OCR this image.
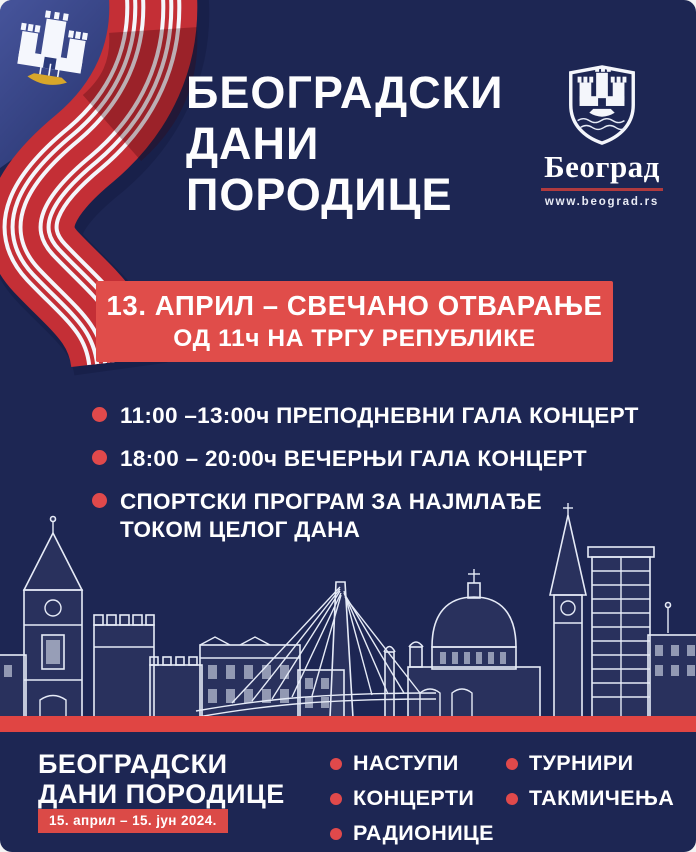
БЕОГРАДСКИ
ДАНИ
ПОРОДИЦЕ
Београд
www.beograd.rs
13. АПРИЛ – СВЕЧАНО ОТВАРАЊЕ
ОД 11ч НА ТРГУ РЕПУБЛИКЕ
11:00 –13:00ч ПРЕПОДНЕВНИ ГАЛА КОНЦЕРТ
18:00 – 20:00ч ВЕЧЕРЊИ ГАЛА КОНЦЕРТ
СПОРТСКИ ПРОГРАМ ЗА НАЈМЛАЂЕ
ТОКОМ ЦЕЛОГ ДАНА
БЕОГРАДСКИ
ДАНИ ПОРОДИЦЕ
15. април – 15. јун 2024.
НАСТУПИ
КОНЦЕРТИ
РАДИОНИЦЕ
ТУРНИРИ
ТАКМИЧЕЊА
